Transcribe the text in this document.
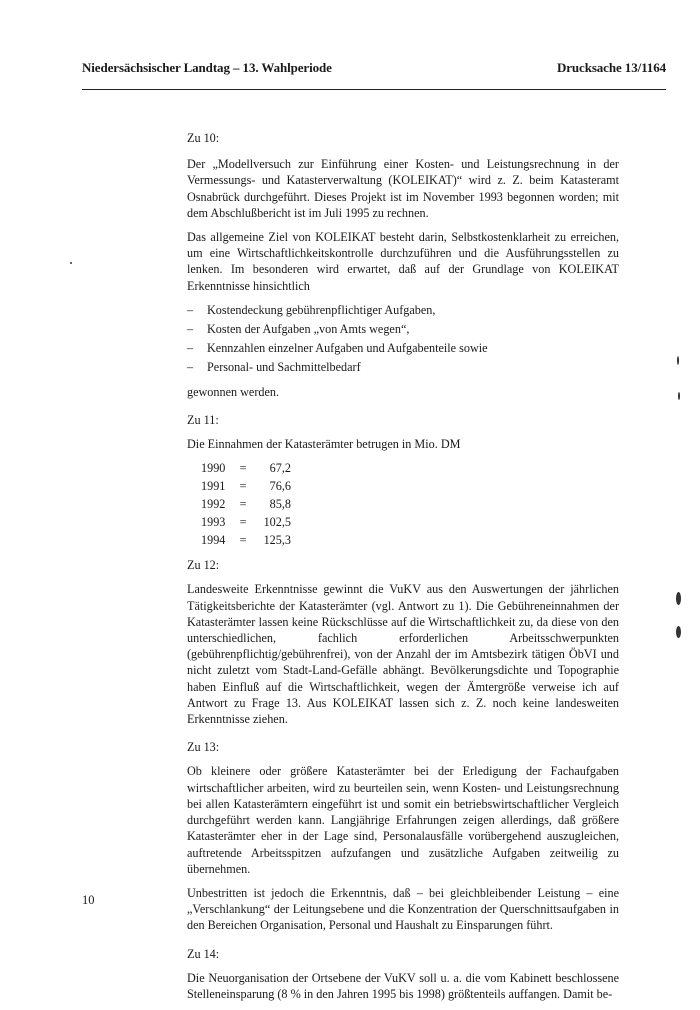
Niedersächsischer Landtag – 13. Wahlperiode	Drucksache 13/1164

Zu 10:

Der „Modellversuch zur Einführung einer Kosten- und Leistungsrechnung in der Vermessungs- und Katasterverwaltung (KOLEIKAT)“ wird z. Z. beim Katasteramt Osnabrück durchgeführt. Dieses Projekt ist im November 1993 begonnen worden; mit dem Abschlußbericht ist im Juli 1995 zu rechnen.

Das allgemeine Ziel von KOLEIKAT besteht darin, Selbstkostenklarheit zu erreichen, um eine Wirtschaftlichkeitskontrolle durchzuführen und die Ausführungsstellen zu lenken. Im besonderen wird erwartet, daß auf der Grundlage von KOLEIKAT Erkenntnisse hinsichtlich

– Kostendeckung gebührenpflichtiger Aufgaben,
– Kosten der Aufgaben „von Amts wegen“,
– Kennzahlen einzelner Aufgaben und Aufgabenteile sowie
– Personal- und Sachmittelbedarf

gewonnen werden.

Zu 11:

Die Einnahmen der Katasterämter betrugen in Mio. DM

1990	=	67,2
1991	=	76,6
1992	=	85,8
1993	=	102,5
1994	=	125,3

Zu 12:

Landesweite Erkenntnisse gewinnt die VuKV aus den Auswertungen der jährlichen Tätigkeitsberichte der Katasterämter (vgl. Antwort zu 1). Die Gebühreneinnahmen der Katasterämter lassen keine Rückschlüsse auf die Wirtschaftlichkeit zu, da diese von den unterschiedlichen, fachlich erforderlichen Arbeitsschwerpunkten (gebührenpflichtig/gebührenfrei), von der Anzahl der im Amtsbezirk tätigen ÖbVI und nicht zuletzt vom Stadt-Land-Gefälle abhängt. Bevölkerungsdichte und Topographie haben Einfluß auf die Wirtschaftlichkeit, wegen der Ämtergröße verweise ich auf Antwort zu Frage 13. Aus KOLEIKAT lassen sich z. Z. noch keine landesweiten Erkenntnisse ziehen.

Zu 13:

Ob kleinere oder größere Katasterämter bei der Erledigung der Fachaufgaben wirtschaftlicher arbeiten, wird zu beurteilen sein, wenn Kosten- und Leistungsrechnung bei allen Katasterämtern eingeführt ist und somit ein betriebswirtschaftlicher Vergleich durchgeführt werden kann. Langjährige Erfahrungen zeigen allerdings, daß größere Katasterämter eher in der Lage sind, Personalausfälle vorübergehend auszugleichen, auftretende Arbeitsspitzen aufzufangen und zusätzliche Aufgaben zeitweilig zu übernehmen.

Unbestritten ist jedoch die Erkenntnis, daß – bei gleichbleibender Leistung – eine „Verschlankung“ der Leitungsebene und die Konzentration der Querschnittsaufgaben in den Bereichen Organisation, Personal und Haushalt zu Einsparungen führt.

Zu 14:

Die Neuorganisation der Ortsebene der VuKV soll u. a. die vom Kabinett beschlossene Stelleneinsparung (8 % in den Jahren 1995 bis 1998) größtenteils auffangen. Damit be-

10
